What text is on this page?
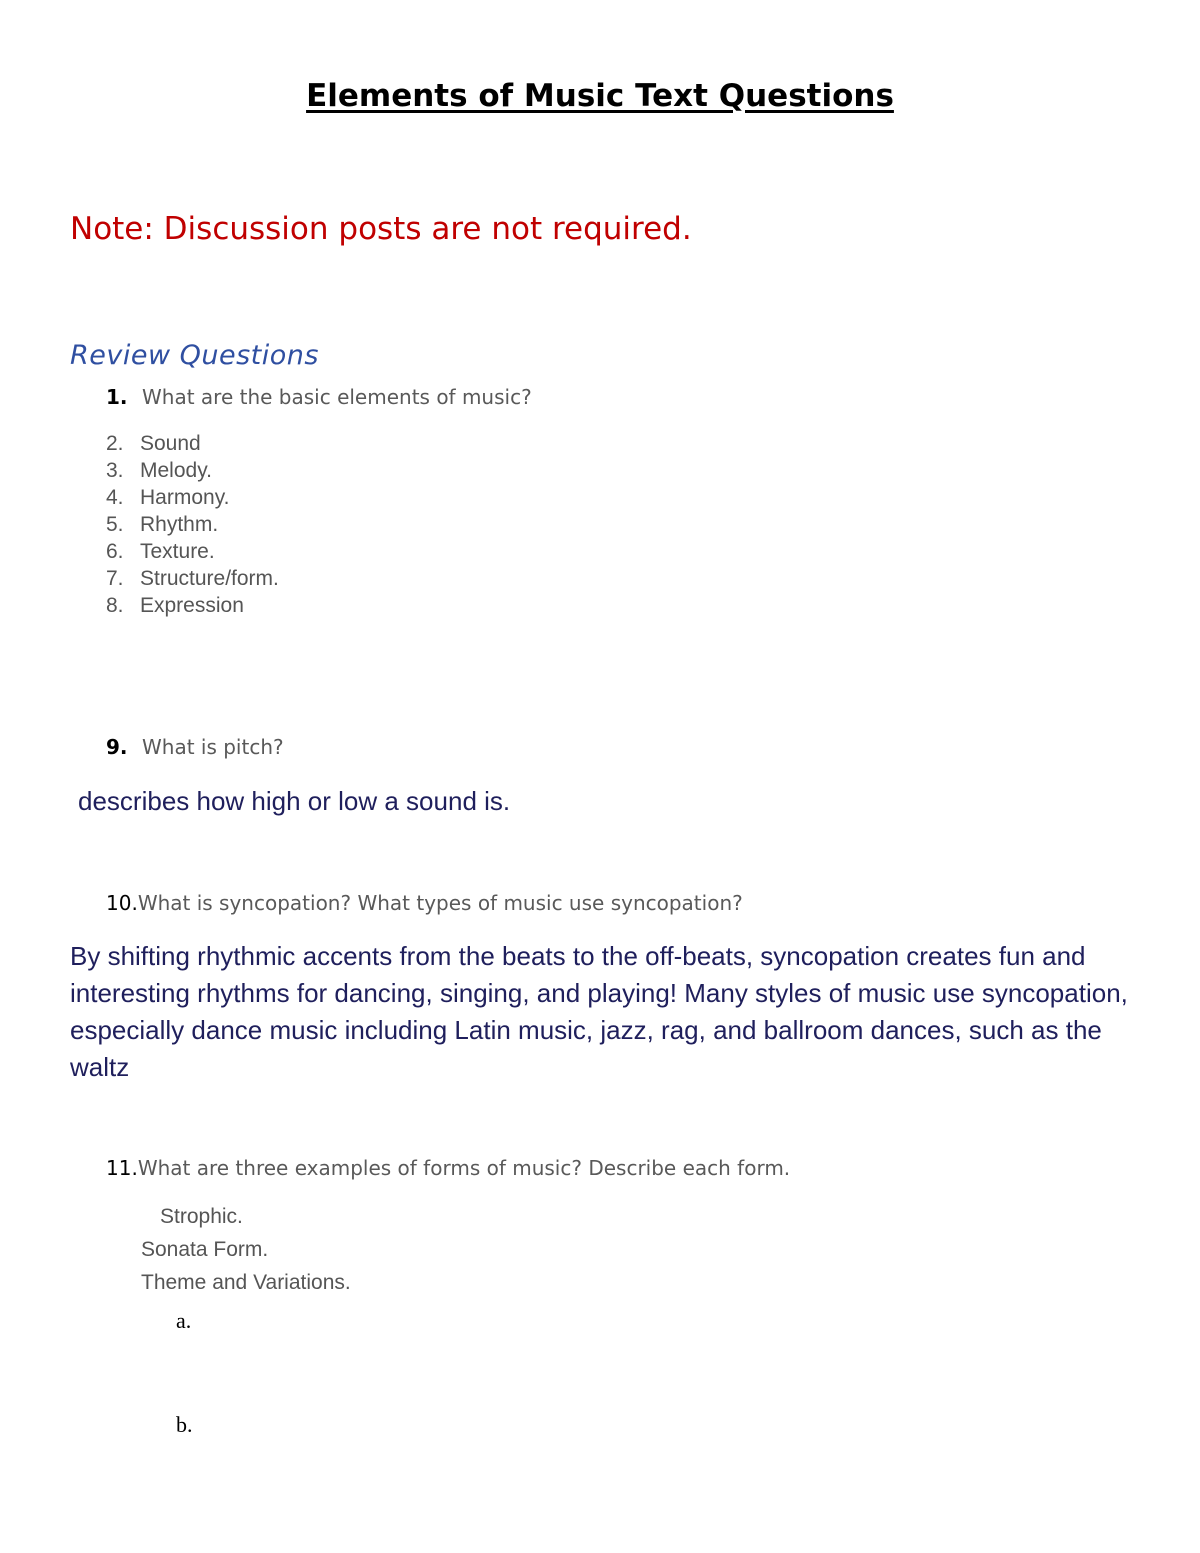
Elements of Music Text Questions
Note: Discussion posts are not required.
Review Questions
1. What are the basic elements of music?
2. Sound
3. Melody.
4. Harmony.
5. Rhythm.
6. Texture.
7. Structure/form.
8. Expression
9. What is pitch?
describes how high or low a sound is.
10.What is syncopation? What types of music use syncopation?
By shifting rhythmic accents from the beats to the off-beats, syncopation creates fun and interesting rhythms for dancing, singing, and playing! Many styles of music use syncopation, especially dance music including Latin music, jazz, rag, and ballroom dances, such as the waltz
11.What are three examples of forms of music? Describe each form.
Strophic.
Sonata Form.
Theme and Variations.
a.
b.
